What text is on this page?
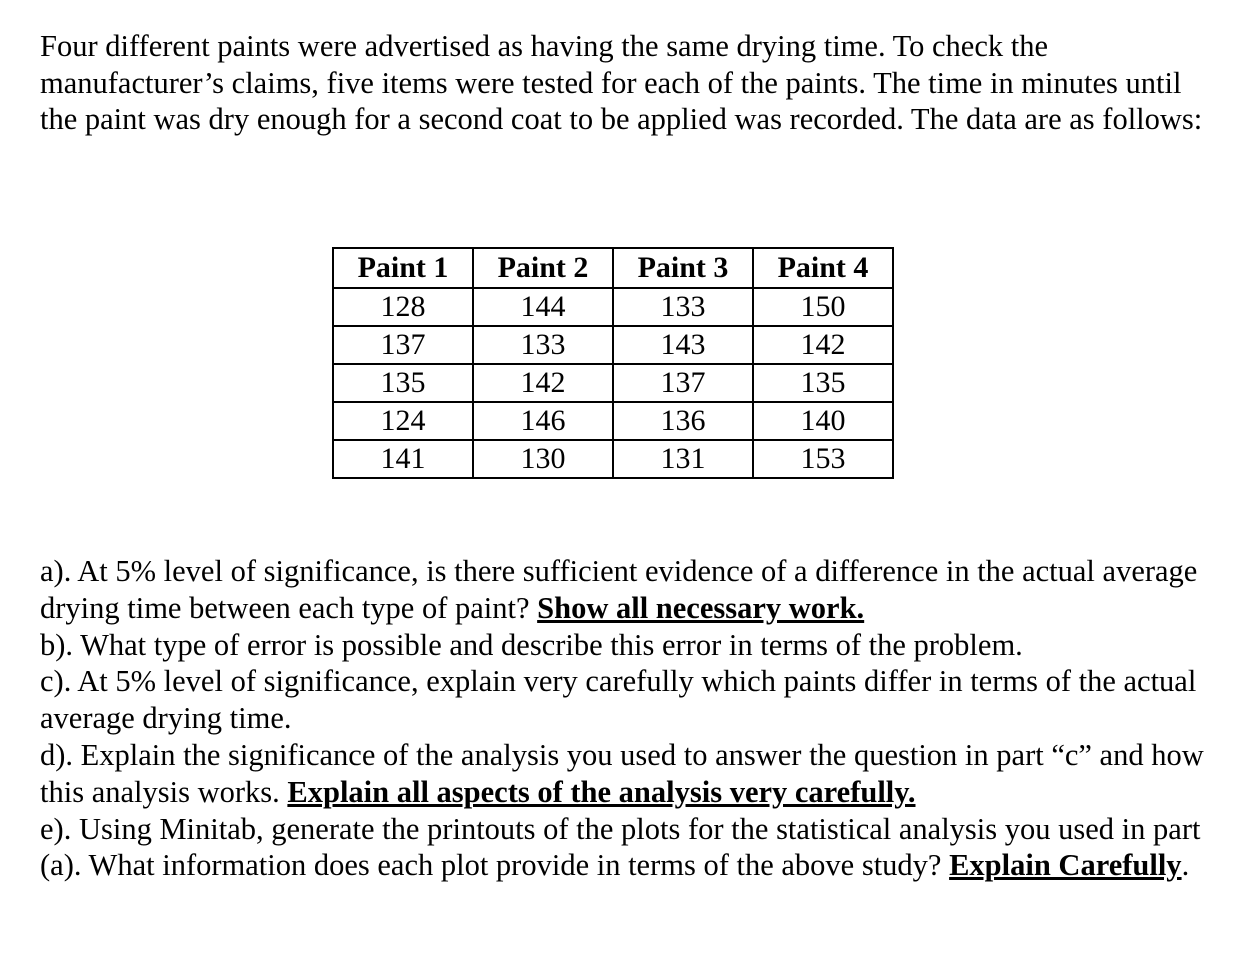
Four different paints were advertised as having the same drying time. To check the manufacturer’s claims, five items were tested for each of the paints. The time in minutes until the paint was dry enough for a second coat to be applied was recorded. The data are as follows:

Paint 1	Paint 2	Paint 3	Paint 4
128	144	133	150
137	133	143	142
135	142	137	135
124	146	136	140
141	130	131	153
a). At 5% level of significance, is there sufficient evidence of a difference in the actual average drying time between each type of paint? Show all necessary work.
b). What type of error is possible and describe this error in terms of the problem.
c). At 5% level of significance, explain very carefully which paints differ in terms of the actual average drying time.
d). Explain the significance of the analysis you used to answer the question in part “c” and how this analysis works. Explain all aspects of the analysis very carefully.
e). Using Minitab, generate the printouts of the plots for the statistical analysis you used in part (a). What information does each plot provide in terms of the above study? Explain Carefully.
